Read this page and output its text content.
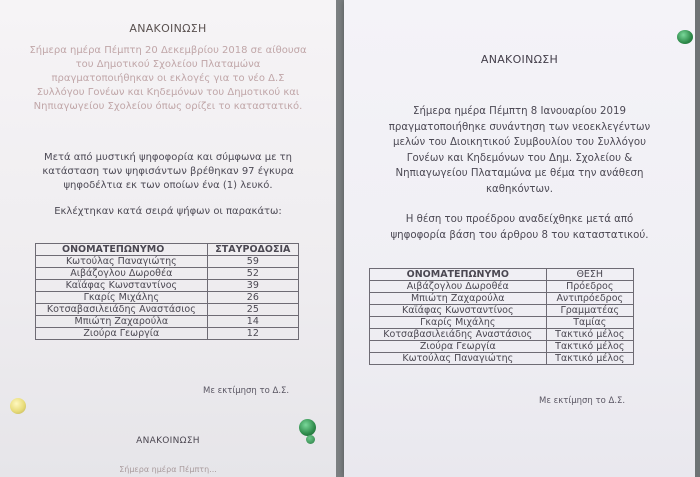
ΑΝΑΚΟΙΝΩΣΗ
Σήμερα ημέρα Πέμπτη 20 Δεκεμβρίου 2018 σε αίθουσα
του Δημοτικού Σχολείου Πλαταμώνα
πραγματοποιήθηκαν οι εκλογές για το νέο Δ.Σ
Συλλόγου Γονέων και Κηδεμόνων του Δημοτικού και
Νηπιαγωγείου Σχολείου όπως ορίζει το καταστατικό.
Μετά από μυστική ψηφοφορία και σύμφωνα με τη
κατάσταση των ψηφισάντων βρέθηκαν 97 έγκυρα
ψηφοδέλτια εκ των οποίων ένα (1) λευκό.
Εκλέχτηκαν κατά σειρά ψήφων οι παρακάτω:
ΟΝΟΜΑΤΕΠΩΝΥΜΟ	ΣΤΑΥΡΟΔΟΣΙΑ
Κωτούλας Παναγιώτης	59
Αιβάζογλου Δωροθέα	52
Καϊάφας Κωνσταντίνος	39
Γκαρίς Μιχάλης	26
Κοτσαβασιλειάδης Αναστάσιος	25
Μπιώτη Ζαχαρούλα	14
Ζιούρα Γεωργία	12
Με εκτίμηση το Δ.Σ.
ΑΝΑΚΟΙΝΩΣΗ
Σήμερα ημέρα Πέμπτη...
ΑΝΑΚΟΙΝΩΣΗ
Σήμερα ημέρα Πέμπτη 8 Ιανουαρίου 2019
πραγματοποιήθηκε συνάντηση των νεοεκλεγέντων
μελών του Διοικητικού Συμβουλίου του Συλλόγου
Γονέων και Κηδεμόνων του Δημ. Σχολείου &
Νηπιαγωγείου Πλαταμώνα με θέμα την ανάθεση
καθηκόντων.
Η θέση του προέδρου αναδείχθηκε μετά από
ψηφοφορία βάση του άρθρου 8 του καταστατικού.
ΟΝΟΜΑΤΕΠΩΝΥΜΟ	ΘΕΣΗ
Αιβάζογλου Δωροθέα	Πρόεδρος
Μπιώτη Ζαχαρούλα	Αντιπρόεδρος
Καϊάφας Κωνσταντίνος	Γραμματέας
Γκαρίς Μιχάλης	Ταμίας
Κοτσαβασιλειάδης Αναστάσιος	Τακτικό μέλος
Ζιούρα Γεωργία	Τακτικό μέλος
Κωτούλας Παναγιώτης	Τακτικό μέλος
Με εκτίμηση το Δ.Σ.
